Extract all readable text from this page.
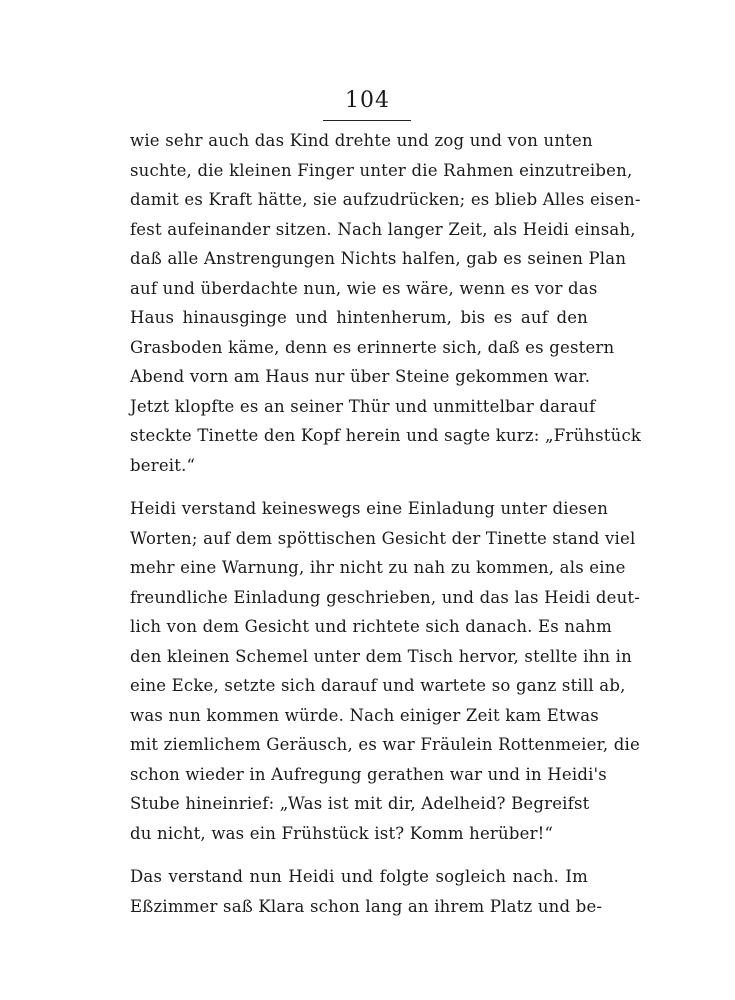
104
wie sehr auch das Kind drehte und zog und von unten
suchte, die kleinen Finger unter die Rahmen einzutreiben,
damit es Kraft hätte, sie aufzudrücken; es blieb Alles eisen-
fest aufeinander sitzen. Nach langer Zeit, als Heidi einsah,
daß alle Anstrengungen Nichts halfen, gab es seinen Plan
auf und überdachte nun, wie es wäre, wenn es vor das
Haus hinausginge und hintenherum, bis es auf den
Grasboden käme, denn es erinnerte sich, daß es gestern
Abend vorn am Haus nur über Steine gekommen war.
Jetzt klopfte es an seiner Thür und unmittelbar darauf
steckte Tinette den Kopf herein und sagte kurz: „Frühstück
bereit.“
Heidi verstand keineswegs eine Einladung unter diesen
Worten; auf dem spöttischen Gesicht der Tinette stand viel
mehr eine Warnung, ihr nicht zu nah zu kommen, als eine
freundliche Einladung geschrieben, und das las Heidi deut-
lich von dem Gesicht und richtete sich danach. Es nahm
den kleinen Schemel unter dem Tisch hervor, stellte ihn in
eine Ecke, setzte sich darauf und wartete so ganz still ab,
was nun kommen würde. Nach einiger Zeit kam Etwas
mit ziemlichem Geräusch, es war Fräulein Rottenmeier, die
schon wieder in Aufregung gerathen war und in Heidi's
Stube hineinrief: „Was ist mit dir, Adelheid? Begreifst
du nicht, was ein Frühstück ist? Komm herüber!“
Das verstand nun Heidi und folgte sogleich nach. Im
Eßzimmer saß Klara schon lang an ihrem Platz und be-
